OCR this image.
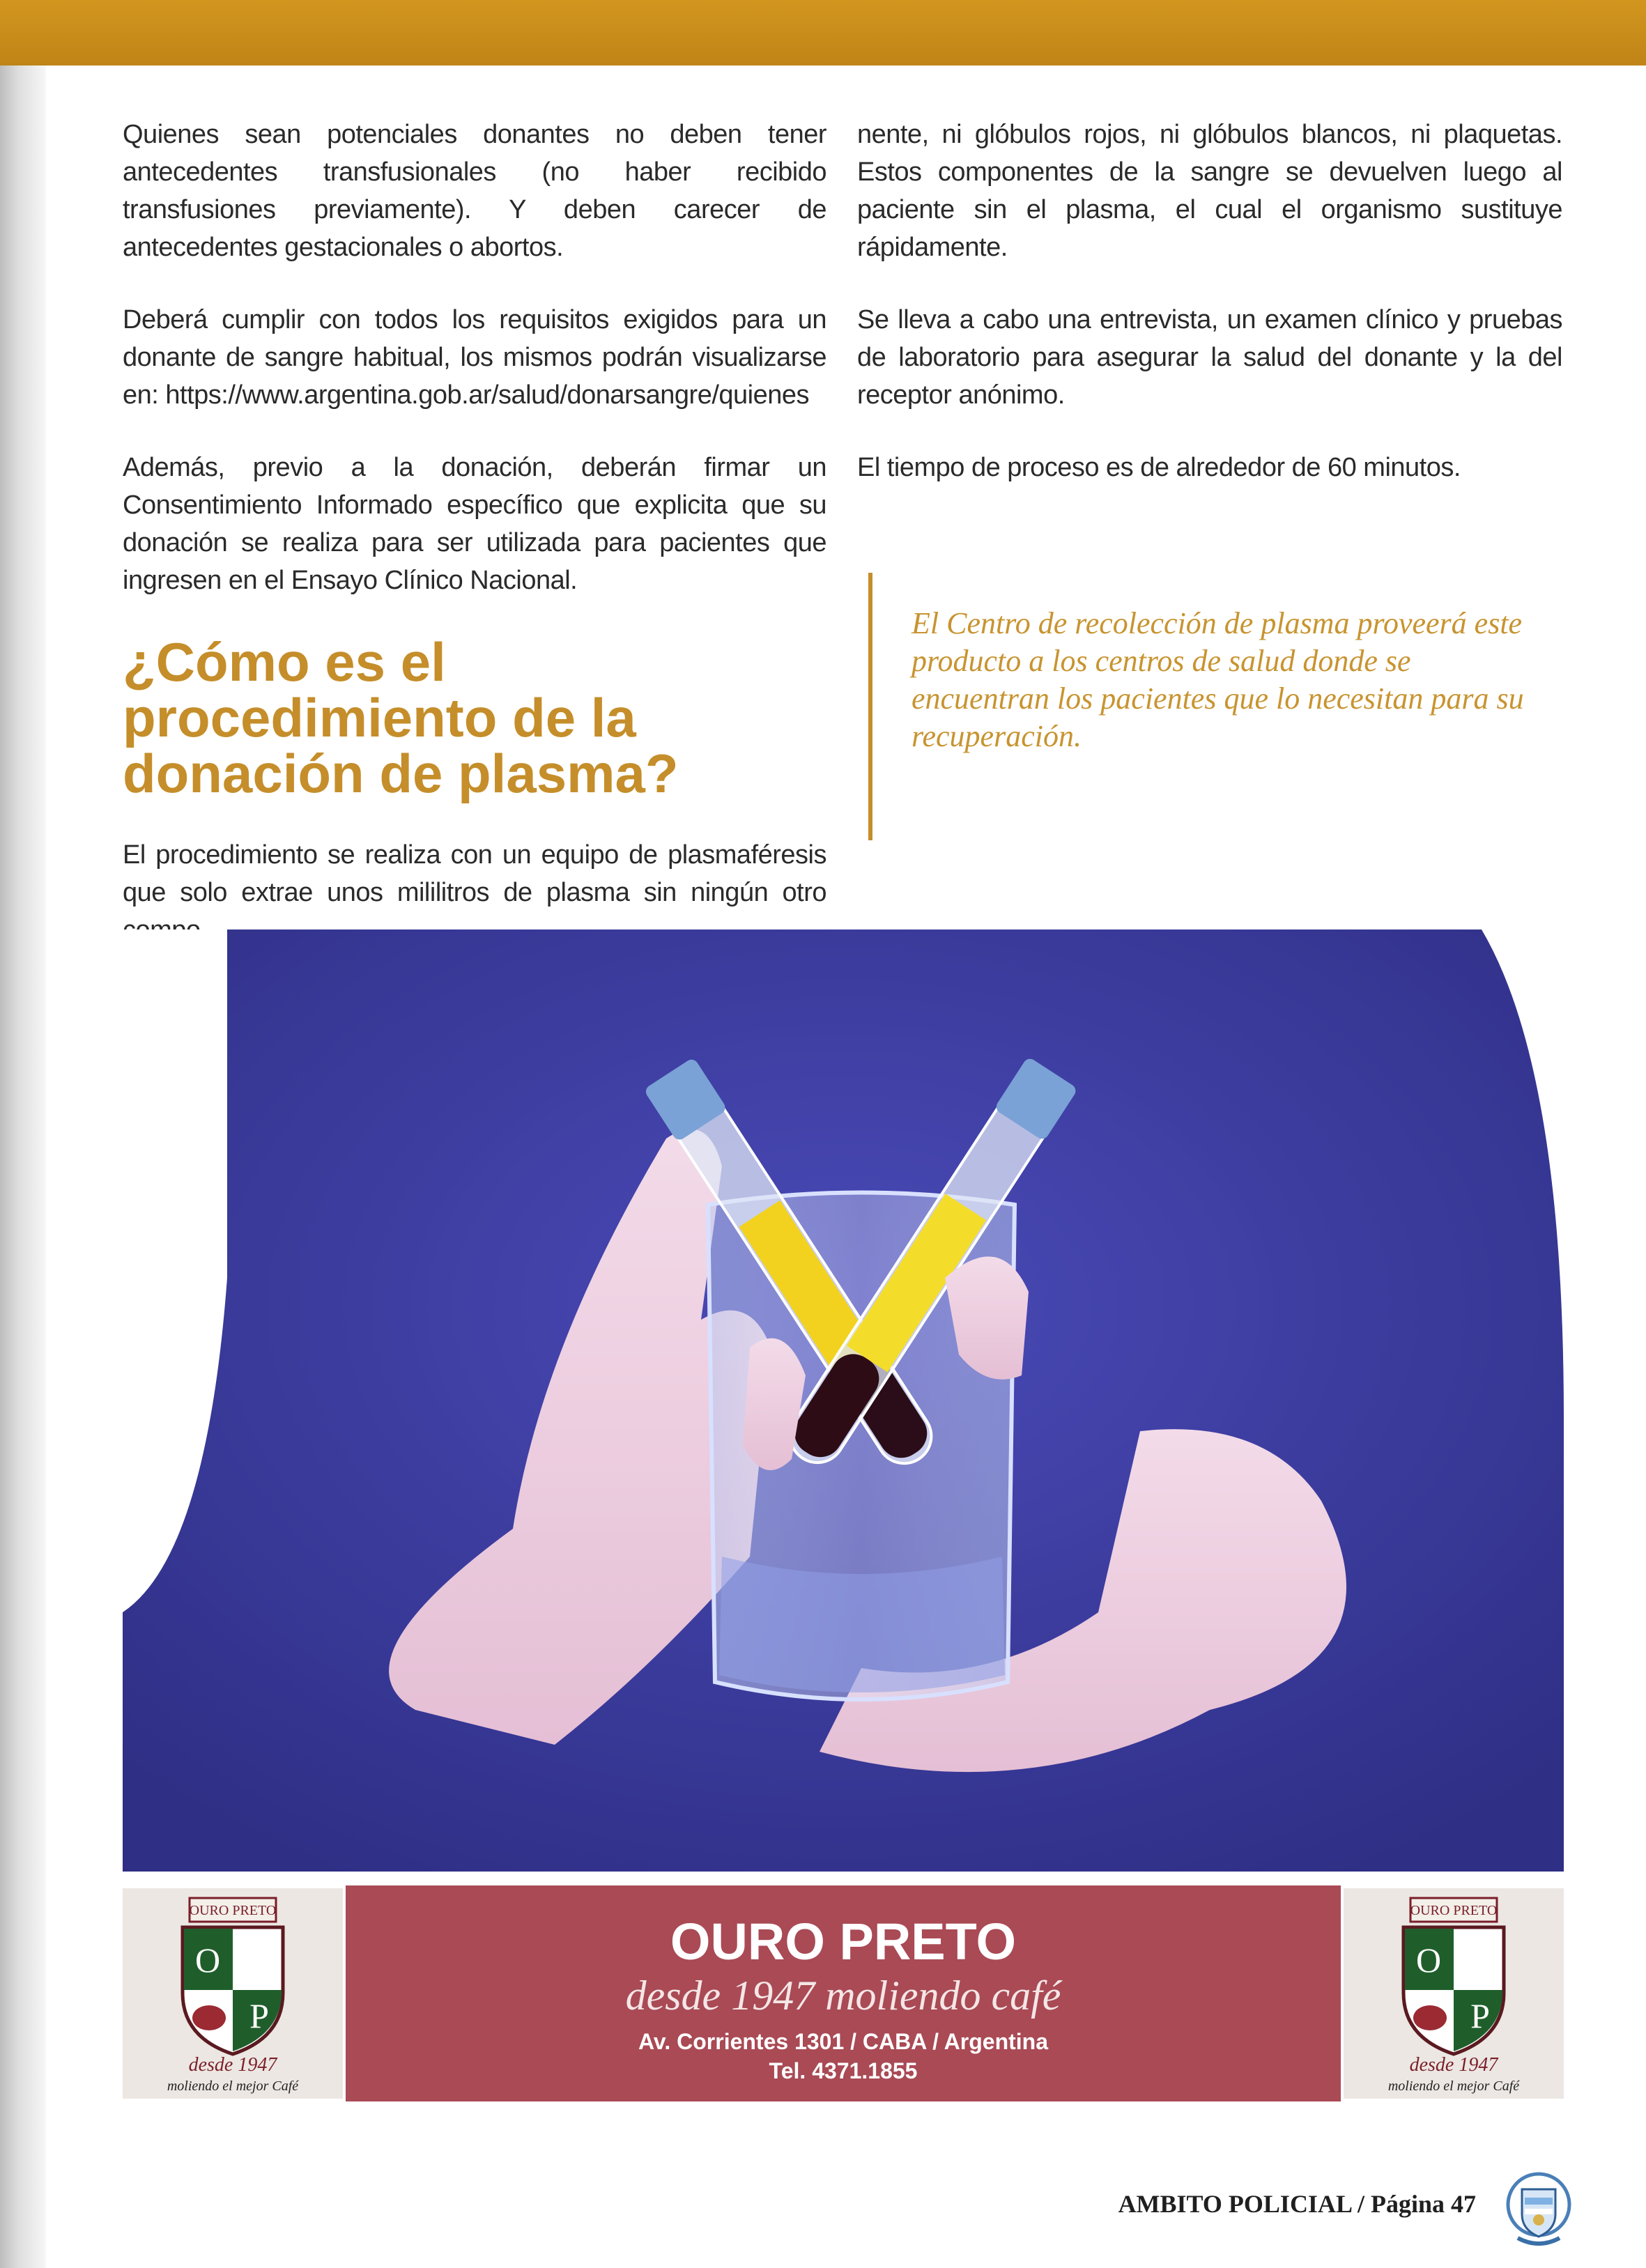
Quienes sean potenciales donantes no deben tener antecedentes transfusionales (no haber recibido transfusiones previamente). Y deben carecer de antecedentes gestacionales o abortos.

Deberá cumplir con todos los requisitos exigidos para un donante de sangre habitual, los mismos podrán visualizarse en: https://www.argentina.gob.ar/salud/donarsangre/quienes

Además, previo a la donación, deberán firmar un Consentimiento Informado específico que explicita que su donación se realiza para ser utilizada para pacientes que ingresen en el Ensayo Clínico Nacional.

¿Cómo es el procedimiento de la donación de plasma?

El procedimiento se realiza con un equipo de plasmaféresis que solo extrae unos mililitros de plasma sin ningún otro

nente, ni glóbulos rojos, ni glóbulos blancos, ni plaquetas. Estos componentes de la sangre se devuelven luego al paciente sin el plasma, el cual el organismo sustituye rápidamente.

Se lleva a cabo una entrevista, un examen clínico y pruebas de laboratorio para asegurar la salud del donante y la del receptor anónimo.

El tiempo de proceso es de alrededor de 60 minutos.

El Centro de recolección de plasma proveerá este producto a los centros de salud donde se encuentran los pacientes que lo necesitan para su recuperación.
OURO PRETO
O
P
desde 1947
moliendo el mejor Café
OURO PRETO
desde 1947 moliendo café
Av. Corrientes 1301 / CABA / Argentina
Tel. 4371.1855
OURO PRETO
O
P
desde 1947
moliendo el mejor Café
AMBITO POLICIAL / Página 47
